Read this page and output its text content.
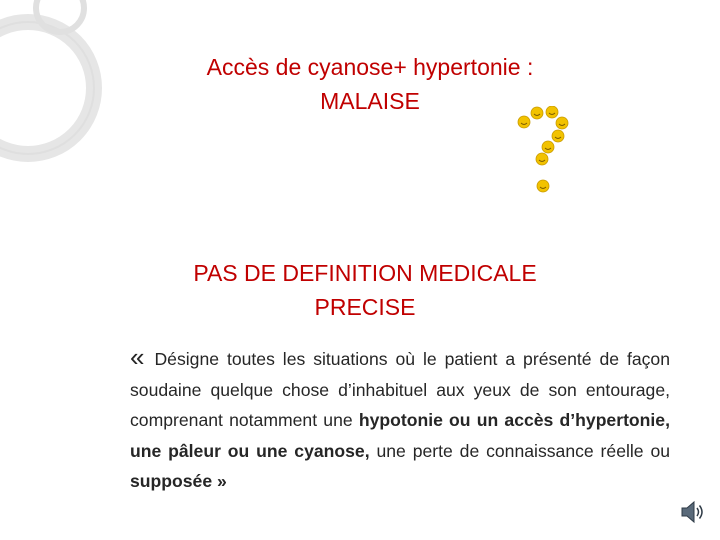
Accès de cyanose+ hypertonie :
MALAISE
PAS DE DEFINITION MEDICALE
PRECISE
« Désigne toutes les situations où le patient a présenté de façon soudaine quelque chose d’inhabituel aux yeux de son entourage, comprenant notamment une hypotonie ou un accès d’hypertonie, une pâleur ou une cyanose, une perte de connaissance réelle ou supposée »
